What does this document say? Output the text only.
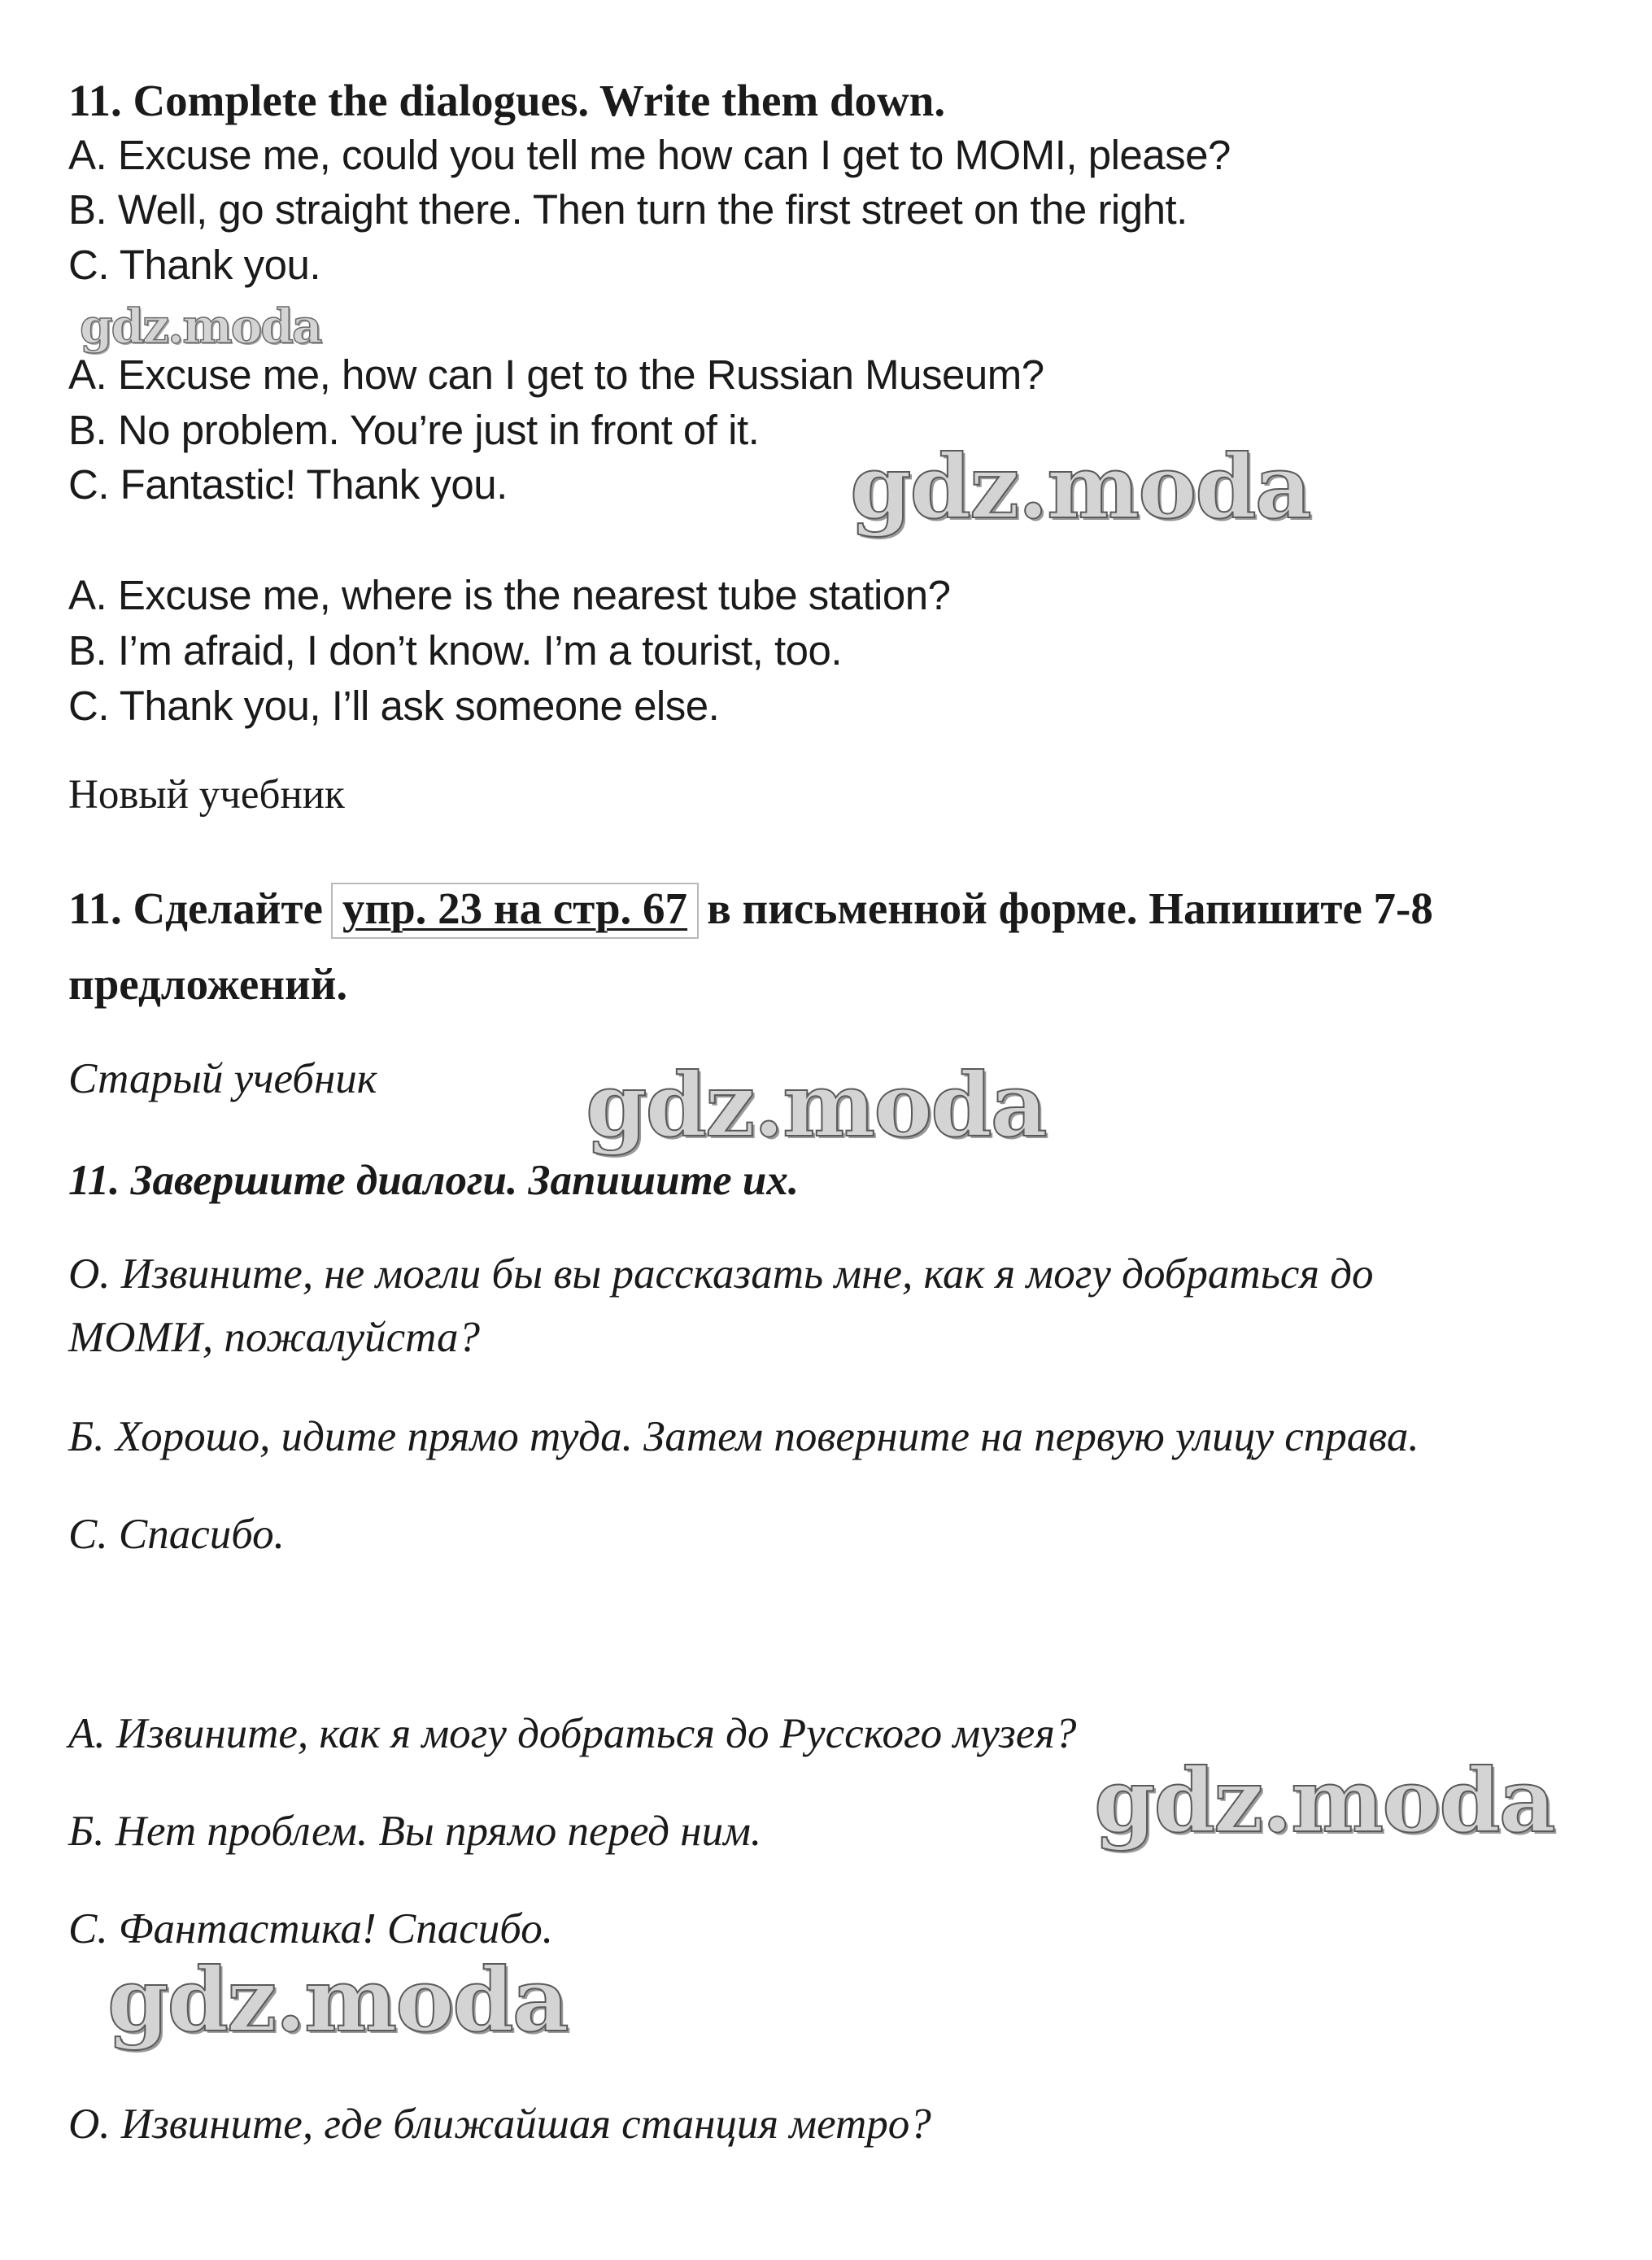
11. Complete the dialogues. Write them down.

A. Excuse me, could you tell me how can I get to MOMI, please?

B. Well, go straight there. Then turn the first street on the right.

C. Thank you.

A. Excuse me, how can I get to the Russian Museum?

B. No problem. You’re just in front of it.

C. Fantastic! Thank you.

A. Excuse me, where is the nearest tube station?

B. I’m afraid, I don’t know. I’m a tourist, too.

C. Thank you, I’ll ask someone else.

Новый учебник

11. Сделайте упр. 23 на стр. 67 в письменной форме. Напишите 7-8

предложений.

Старый учебник

11. Завершите диалоги. Запишите их.

О. Извините, не могли бы вы рассказать мне, как я могу добраться до

МОМИ, пожалуйста?

Б. Хорошо, идите прямо туда. Затем поверните на первую улицу справа.

С. Спасибо.

А. Извините, как я могу добраться до Русского музея?

Б. Нет проблем. Вы прямо перед ним.

С. Фантастика! Спасибо.

О. Извините, где ближайшая станция метро?

gdz.moda
gdz.moda
gdz.moda
gdz.moda
gdz.moda
